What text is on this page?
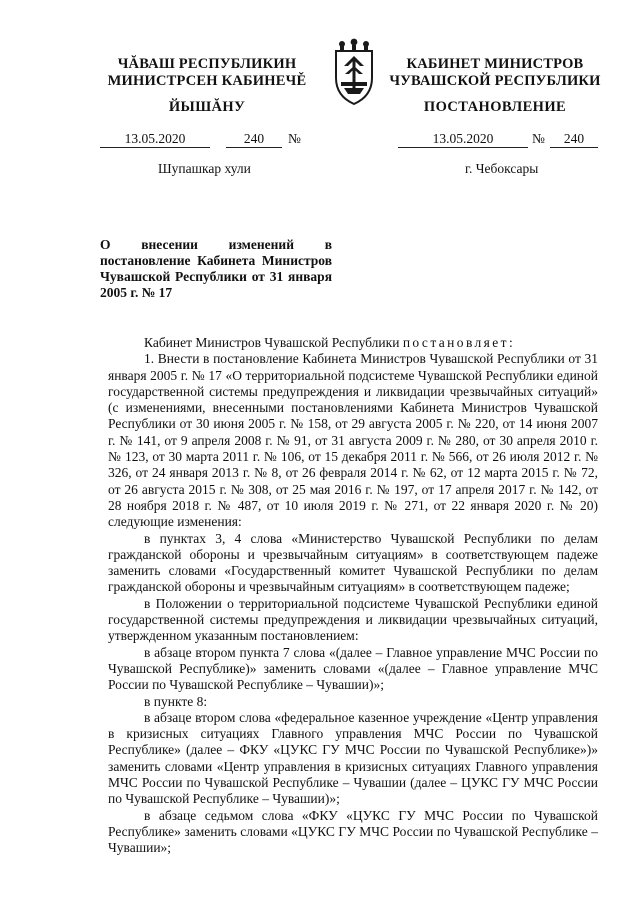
ЧĂВАШ РЕСПУБЛИКИН
МИНИСТРСЕН КАБИНЕЧĚ
КАБИНЕТ МИНИСТРОВ
ЧУВАШСКОЙ РЕСПУБЛИКИ
ЙЫШĂНУ	ПОСТАНОВЛЕНИЕ
13.05.2020	240	№	13.05.2020	№	240
Шупашкар хули	г. Чебоксары
О внесении изменений в постановление Кабинета Министров Чувашской Республики от 31 января 2005 г. № 17

Кабинет Министров Чувашской Республики постановляет:

1. Внести в постановление Кабинета Министров Чувашской Республики от 31 января 2005 г. № 17 «О территориальной подсистеме Чувашской Республики единой государственной системы предупреждения и ликвидации чрезвычайных ситуаций» (с изменениями, внесенными постановлениями Кабинета Министров Чувашской Республики от 30 июня 2005 г. № 158, от 29 августа 2005 г. № 220, от 14 июня 2007 г. № 141, от 9 апреля 2008 г. № 91, от 31 августа 2009 г. № 280, от 30 апреля 2010 г. № 123, от 30 марта 2011 г. № 106, от 15 декабря 2011 г. № 566, от 26 июля 2012 г. № 326, от 24 января 2013 г. № 8, от 26 февраля 2014 г. № 62, от 12 марта 2015 г. № 72, от 26 августа 2015 г. № 308, от 25 мая 2016 г. № 197, от 17 апреля 2017 г. № 142, от 28 ноября 2018 г. № 487, от 10 июля 2019 г. № 271, от 22 января 2020 г. № 20) следующие изменения:

в пунктах 3, 4 слова «Министерство Чувашской Республики по делам гражданской обороны и чрезвычайным ситуациям» в соответствующем падеже заменить словами «Государственный комитет Чувашской Республики по делам гражданской обороны и чрезвычайным ситуациям» в соответствующем падеже;

в Положении о территориальной подсистеме Чувашской Республики единой государственной системы предупреждения и ликвидации чрезвычайных ситуаций, утвержденном указанным постановлением:

в абзаце втором пункта 7 слова «(далее – Главное управление МЧС России по Чувашской Республике)» заменить словами «(далее – Главное управление МЧС России по Чувашской Республике – Чувашии)»;

в пункте 8:

в абзаце втором слова «федеральное казенное учреждение «Центр управления в кризисных ситуациях Главного управления МЧС России по Чувашской Республике» (далее – ФКУ «ЦУКС ГУ МЧС России по Чувашской Республике»)» заменить словами «Центр управления в кризисных ситуациях Главного управления МЧС России по Чувашской Республике – Чувашии (далее – ЦУКС ГУ МЧС России по Чувашской Республике – Чувашии)»;

в абзаце седьмом слова «ФКУ «ЦУКС ГУ МЧС России по Чувашской Республике» заменить словами «ЦУКС ГУ МЧС России по Чувашской Республике – Чувашии»;
